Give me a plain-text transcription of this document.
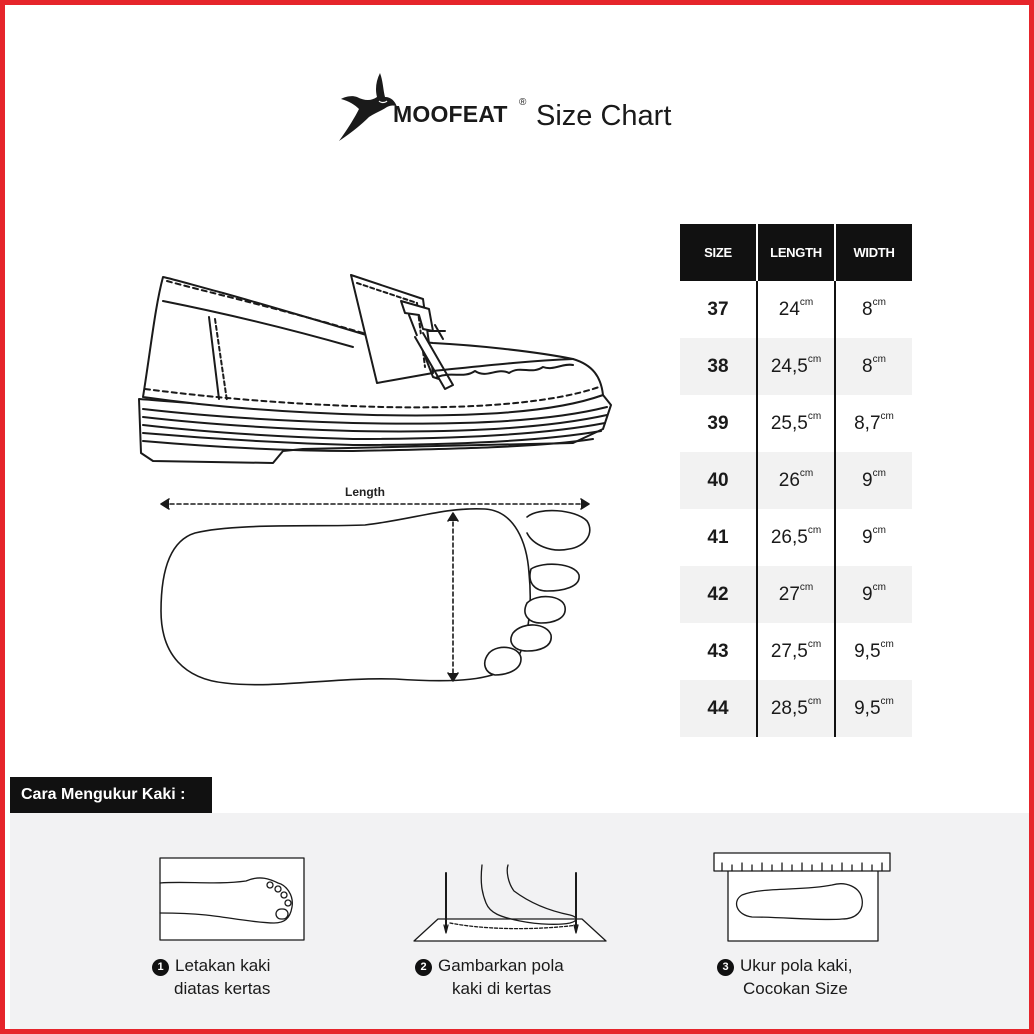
MOOFEAT ® Size Chart
Length
SIZE	LENGTH	WIDTH
37	$24^{cm}$	$8^{cm}$
38	$24,5^{cm}$	$8^{cm}$
39	$25,5^{cm}$	$8,7^{cm}$
40	$26^{cm}$	$9^{cm}$
41	$26,5^{cm}$	$9^{cm}$
42	$27^{cm}$	$9^{cm}$
43	$27,5^{cm}$	$9,5^{cm}$
44	$28,5^{cm}$	$9,5^{cm}$
Cara Mengukur Kaki :
1 Letakan kaki
diatas kertas
2 Gambarkan pola
kaki di kertas
3 Ukur pola kaki,
Cocokan Size
